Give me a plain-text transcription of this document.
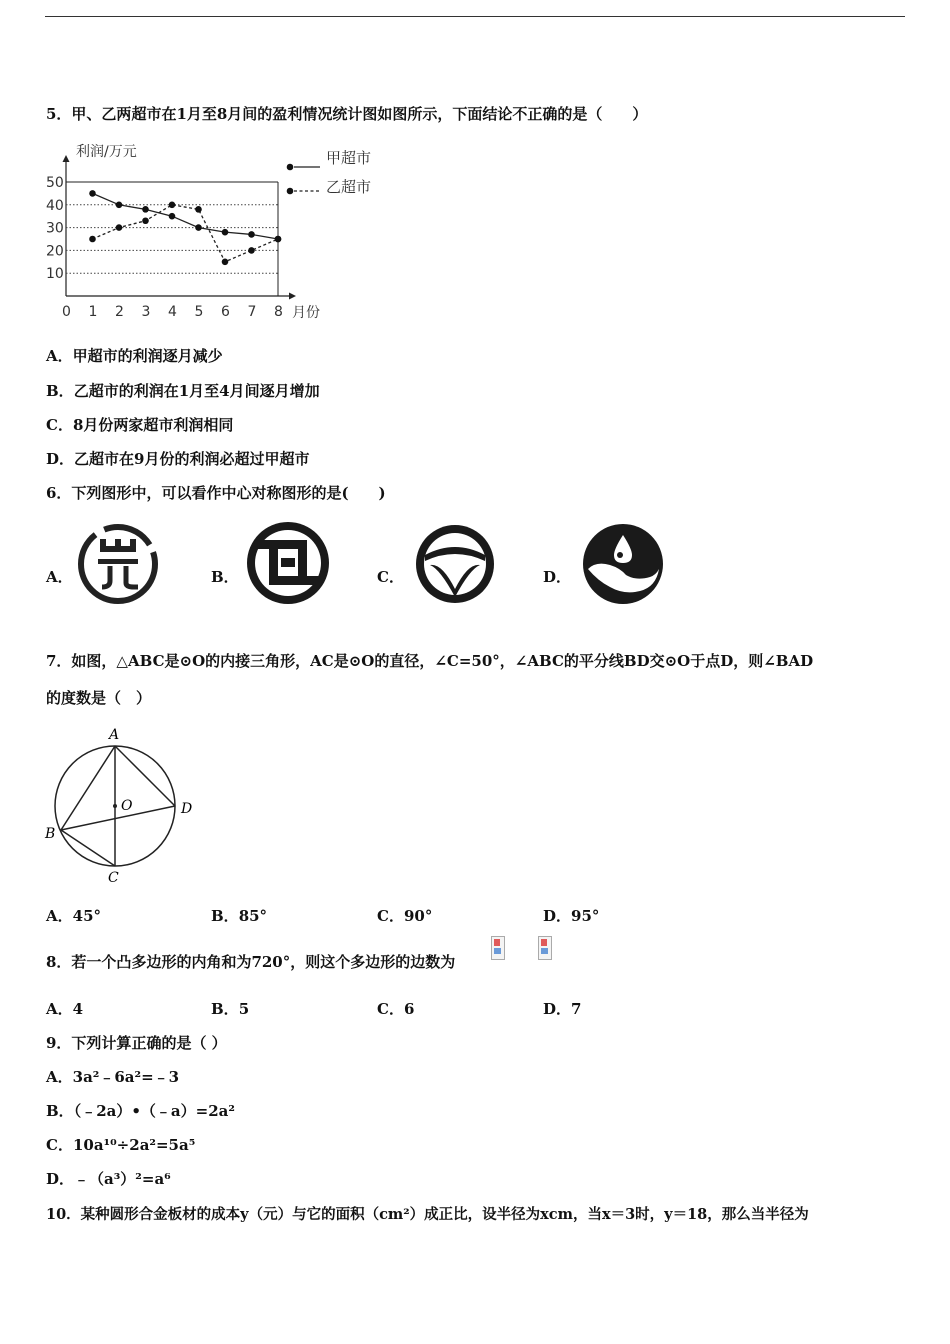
5．甲、乙两超市在1月至8月间的盈利情况统计图如图所示，下面结论不正确的是（　　）
10
20
30
40
50
0 1 2 3 4 5 6 7 8
利润/万元
月份
甲超市
乙超市
A．甲超市的利润逐月减少
B．乙超市的利润在1月至4月间逐月增加
C．8月份两家超市利润相同
D．乙超市在9月份的利润必超过甲超市
6．下列图形中，可以看作中心对称图形的是(　　)
A．	B．	C．	D．
7．如图，△ABC是⊙O的内接三角形，AC是⊙O的直径，∠C=50°，∠ABC的平分线BD交⊙O于点D，则∠BAD
的度数是（　）
A
B
C
D
O
A．45°	B．85°	C．90°	D．95°
8．若一个凸多边形的内角和为720°，则这个多边形的边数为
A．4	B．5	C．6	D．7
9．下列计算正确的是（ ）
A．3a²﹣6a²=﹣3
B．（﹣2a）•（﹣a）=2a²
C．10a¹⁰÷2a²=5a⁵
D．﹣（a³）²=a⁶
10．某种圆形合金板材的成本y（元）与它的面积（cm²）成正比，设半径为xcm，当x＝3时，y＝18，那么当半径为
